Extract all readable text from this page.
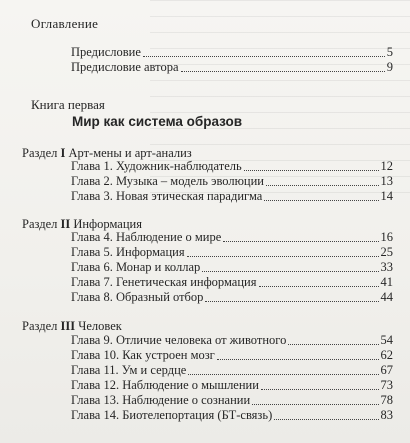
Оглавление
Предисловие	5
Предисловие автора	9
Книга первая
Мир как система образов
Раздел I Арт-мены и арт-анализ
Глава 1. Художник-наблюдатель	12
Глава 2. Музыка – модель эволюции	13
Глава 3. Новая этическая парадигма	14
Раздел II Информация
Глава 4. Наблюдение о мире	16
Глава 5. Информация	25
Глава 6. Монар и коллар	33
Глава 7. Генетическая информация	41
Глава 8. Образный отбор	44
Раздел III Человек
Глава 9. Отличие человека от животного	54
Глава 10. Как устроен мозг	62
Глава 11. Ум и сердце	67
Глава 12. Наблюдение о мышлении	73
Глава 13. Наблюдение о сознании	78
Глава 14. Биотелепортация (БТ-связь)	83
